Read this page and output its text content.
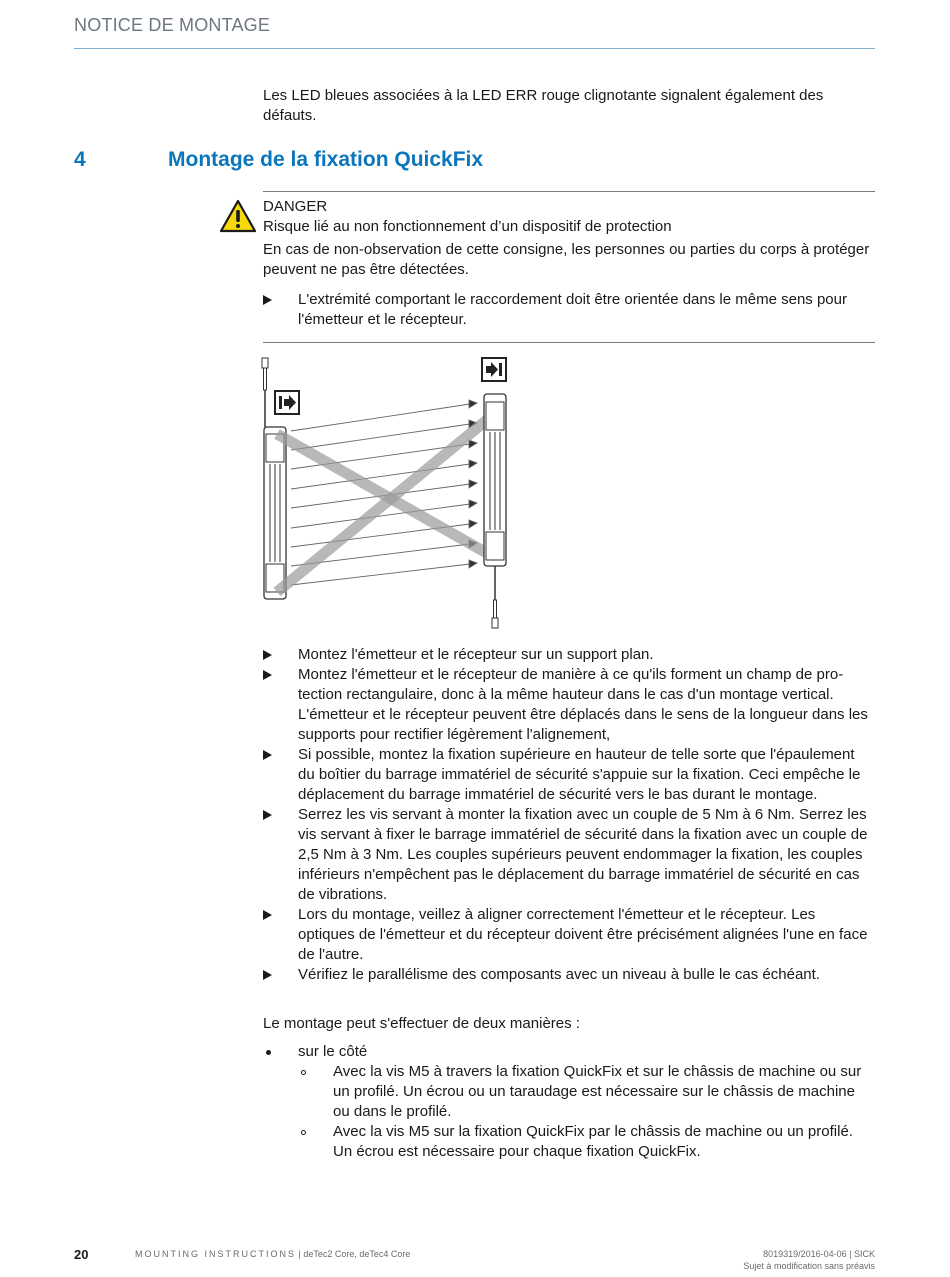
NOTICE DE MONTAGE
Les LED bleues associées à la LED ERR rouge clignotante signalent également des défauts.
4	Montage de la fixation QuickFix

DANGER

Risque lié au non fonctionnement d’un dispositif de protection

En cas de non-observation de cette consigne, les personnes ou parties du corps à protéger peuvent ne pas être détectées.

L'extrémité comportant le raccordement doit être orientée dans le même sens pour l'émetteur et le récepteur.
Montez l'émetteur et le récepteur sur un support plan.
Montez l'émetteur et le récepteur de manière à ce qu'ils forment un champ de protection rectangulaire, donc à la même hauteur dans le cas d'un montage vertical. L'émetteur et le récepteur peuvent être déplacés dans le sens de la longueur dans les supports pour rectifier légèrement l'alignement,
Si possible, montez la fixation supérieure en hauteur de telle sorte que l'épaulement du boîtier du barrage immatériel de sécurité s'appuie sur la fixation. Ceci empêche le déplacement du barrage immatériel de sécurité vers le bas durant le montage.
Serrez les vis servant à monter la fixation avec un couple de 5 Nm à 6 Nm. Serrez les vis servant à fixer le barrage immatériel de sécurité dans la fixation avec un couple de 2,5 Nm à 3 Nm. Les couples supérieurs peuvent endommager la fixation, les couples inférieurs n'empêchent pas le déplacement du barrage immatériel de sécurité en cas de vibrations.
Lors du montage, veillez à aligner correctement l'émetteur et le récepteur. Les optiques de l'émetteur et du récepteur doivent être précisément alignées l'une en face de l'autre.
Vérifiez le parallélisme des composants avec un niveau à bulle le cas échéant.
Le montage peut s'effectuer de deux manières :
sur le côté
Avec la vis M5 à travers la fixation QuickFix et sur le châssis de machine ou sur un profilé. Un écrou ou un taraudage est nécessaire sur le châssis de machine ou dans le profilé.
Avec la vis M5 sur la fixation QuickFix par le châssis de machine ou un profilé. Un écrou est nécessaire pour chaque fixation QuickFix.
20	MOUNTING INSTRUCTIONS | deTec2 Core, deTec4 Core	8019319/2016-04-06 | SICK
Sujet à modification sans préavis
